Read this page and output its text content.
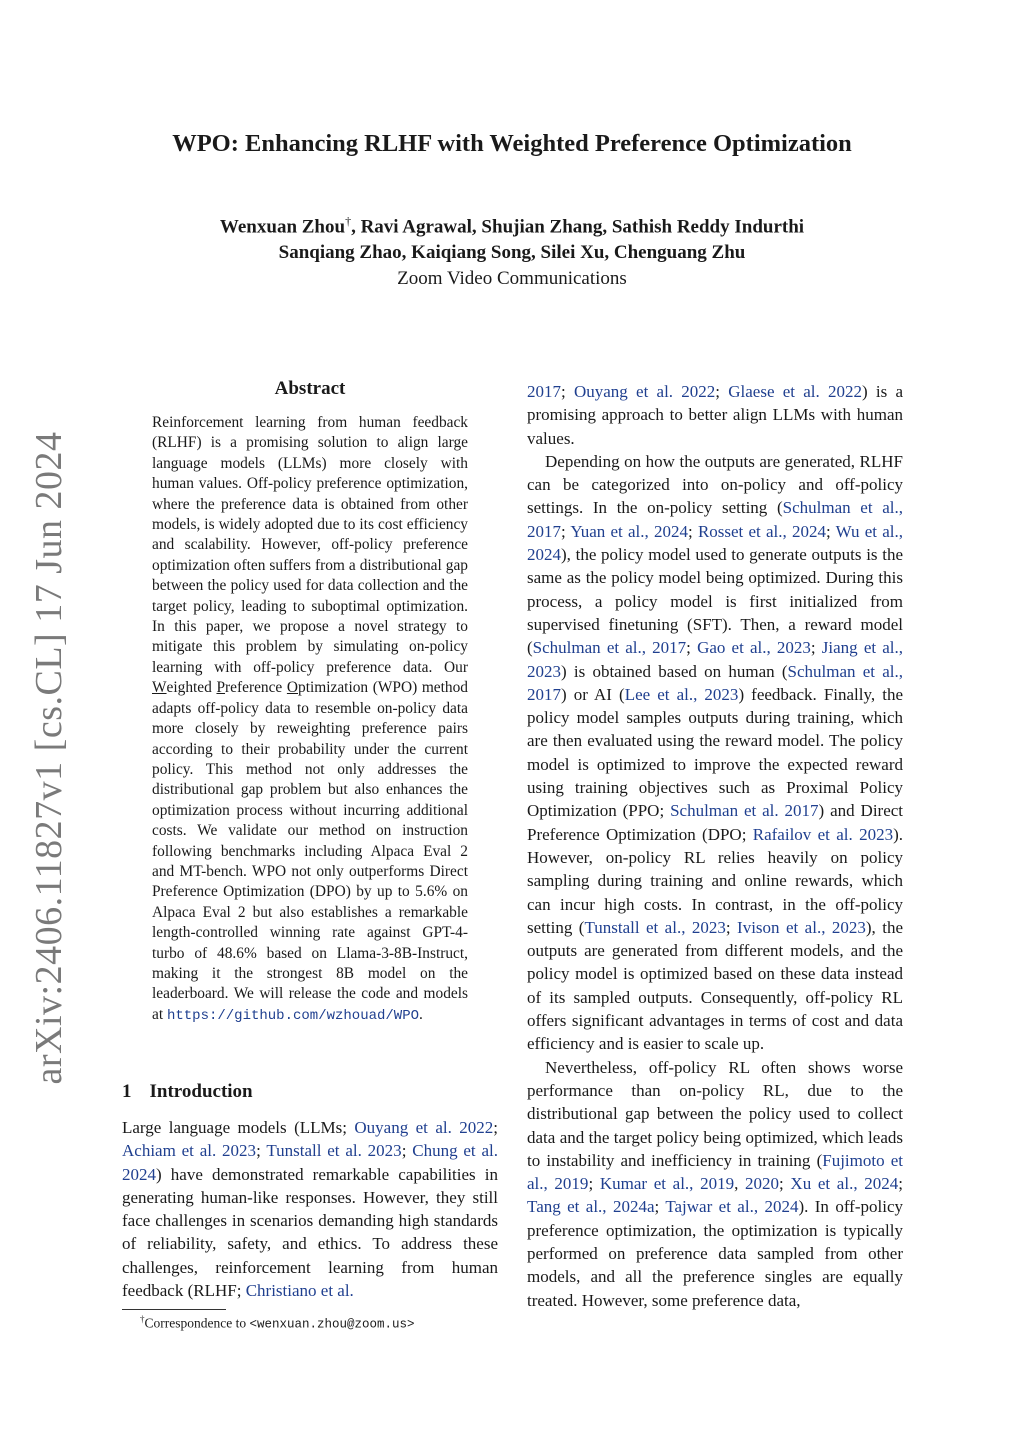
arXiv:2406.11827v1 [cs.CL] 17 Jun 2024
WPO: Enhancing RLHF with Weighted Preference Optimization
Wenxuan Zhou†, Ravi Agrawal, Shujian Zhang, Sathish Reddy Indurthi
Sanqiang Zhao, Kaiqiang Song, Silei Xu, Chenguang Zhu
Zoom Video Communications
Abstract

Reinforcement learning from human feedback (RLHF) is a promising solution to align large language models (LLMs) more closely with human values. Off-policy preference optimization, where the preference data is obtained from other models, is widely adopted due to its cost efficiency and scalability. However, off-policy preference optimization often suffers from a distributional gap between the policy used for data collection and the target policy, leading to suboptimal optimization. In this paper, we propose a novel strategy to mitigate this problem by simulating on-policy learning with off-policy preference data. Our Weighted Preference Optimization (WPO) method adapts off-policy data to resemble on-policy data more closely by reweighting preference pairs according to their probability under the current policy. This method not only addresses the distributional gap problem but also enhances the optimization process without incurring additional costs. We validate our method on instruction following benchmarks including Alpaca Eval 2 and MT-bench. WPO not only outperforms Direct Preference Optimization (DPO) by up to 5.6% on Alpaca Eval 2 but also establishes a remarkable length-controlled winning rate against GPT-4-turbo of 48.6% based on Llama-3-8B-Instruct, making it the strongest 8B model on the leaderboard. We will release the code and models at https://github.com/wzhouad/WPO.

1 Introduction

Large language models (LLMs; Ouyang et al. 2022; Achiam et al. 2023; Tunstall et al. 2023; Chung et al. 2024) have demonstrated remarkable capabilities in generating human-like responses. However, they still face challenges in scenarios demanding high standards of reliability, safety, and ethics. To address these challenges, reinforcement learning from human feedback (RLHF; Christiano et al.

†Correspondence to <wenxuan.zhou@zoom.us>

2017; Ouyang et al. 2022; Glaese et al. 2022) is a promising approach to better align LLMs with human values.

Depending on how the outputs are generated, RLHF can be categorized into on-policy and off-policy settings. In the on-policy setting (Schulman et al., 2017; Yuan et al., 2024; Rosset et al., 2024; Wu et al., 2024), the policy model used to generate outputs is the same as the policy model being optimized. During this process, a policy model is first initialized from supervised finetuning (SFT). Then, a reward model (Schulman et al., 2017; Gao et al., 2023; Jiang et al., 2023) is obtained based on human (Schulman et al., 2017) or AI (Lee et al., 2023) feedback. Finally, the policy model samples outputs during training, which are then evaluated using the reward model. The policy model is optimized to improve the expected reward using training objectives such as Proximal Policy Optimization (PPO; Schulman et al. 2017) and Direct Preference Optimization (DPO; Rafailov et al. 2023). However, on-policy RL relies heavily on policy sampling during training and online rewards, which can incur high costs. In contrast, in the off-policy setting (Tunstall et al., 2023; Ivison et al., 2023), the outputs are generated from different models, and the policy model is optimized based on these data instead of its sampled outputs. Consequently, off-policy RL offers significant advantages in terms of cost and data efficiency and is easier to scale up.

Nevertheless, off-policy RL often shows worse performance than on-policy RL, due to the distributional gap between the policy used to collect data and the target policy being optimized, which leads to instability and inefficiency in training (Fujimoto et al., 2019; Kumar et al., 2019, 2020; Xu et al., 2024; Tang et al., 2024a; Tajwar et al., 2024). In off-policy preference optimization, the optimization is typically performed on preference data sampled from other models, and all the preference singles are equally treated. However, some preference data,
